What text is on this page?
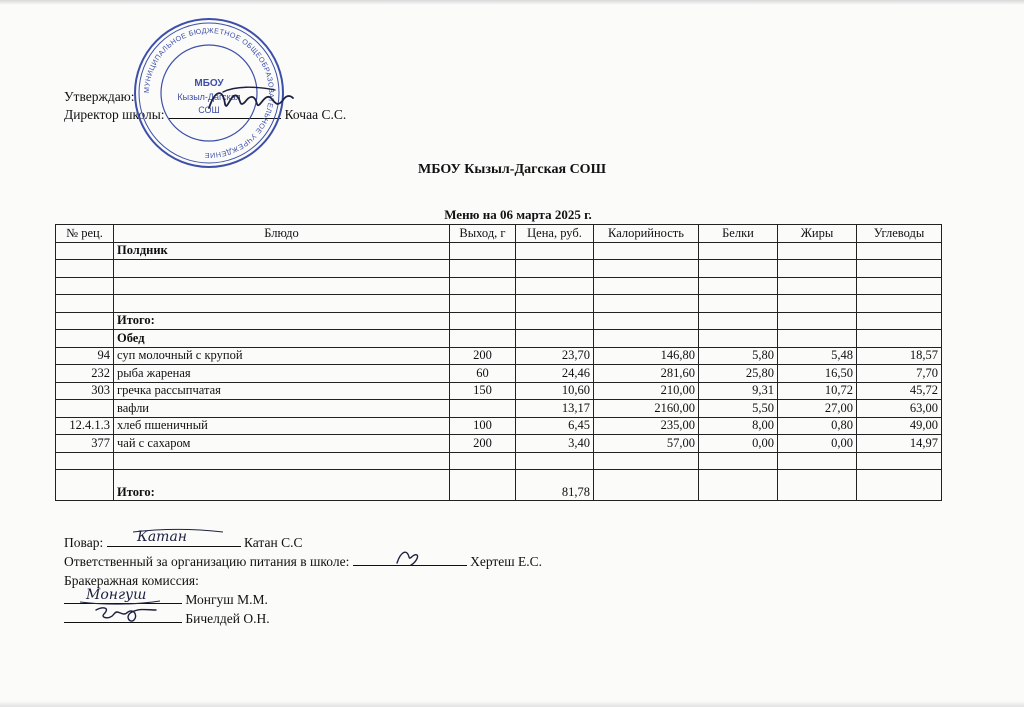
Утверждаю:
Директор школы:	Кочаа С.С.
МУНИЦИПАЛЬНОЕ БЮДЖЕТНОЕ ОБЩЕОБРАЗОВАТЕЛЬНОЕ УЧРЕЖДЕНИЕ
МБОУ
Кызыл-Дагская
СОШ
МБОУ Кызыл-Дагская СОШ
Меню на 06 марта 2025 г.
№ рец.	Блюдо	Выход, г	Цена, руб.	Калорийность	Белки	Жиры	Углеводы
	Полдник						

	Итого:						
	Обед						
94	суп молочный с крупой	200	23,70	146,80	5,80	5,48	18,57
232	рыба жареная	60	24,46	281,60	25,80	16,50	7,70
303	гречка рассыпчатая	150	10,60	210,00	9,31	10,72	45,72
	вафли		13,17	2160,00	5,50	27,00	63,00
12.4.1.3	хлеб пшеничный	100	6,45	235,00	8,00	0,80	49,00
377	чай с сахаром	200	3,40	57,00	0,00	0,00	14,97

	Итого:		81,78				
Повар: Катан	Катан С.С
Ответственный за организацию питания в школе:	Хертеш Е.С.
Бракеражная комиссия:
Монгуш	Монгуш М.М.
Бичелдей О.Н.
